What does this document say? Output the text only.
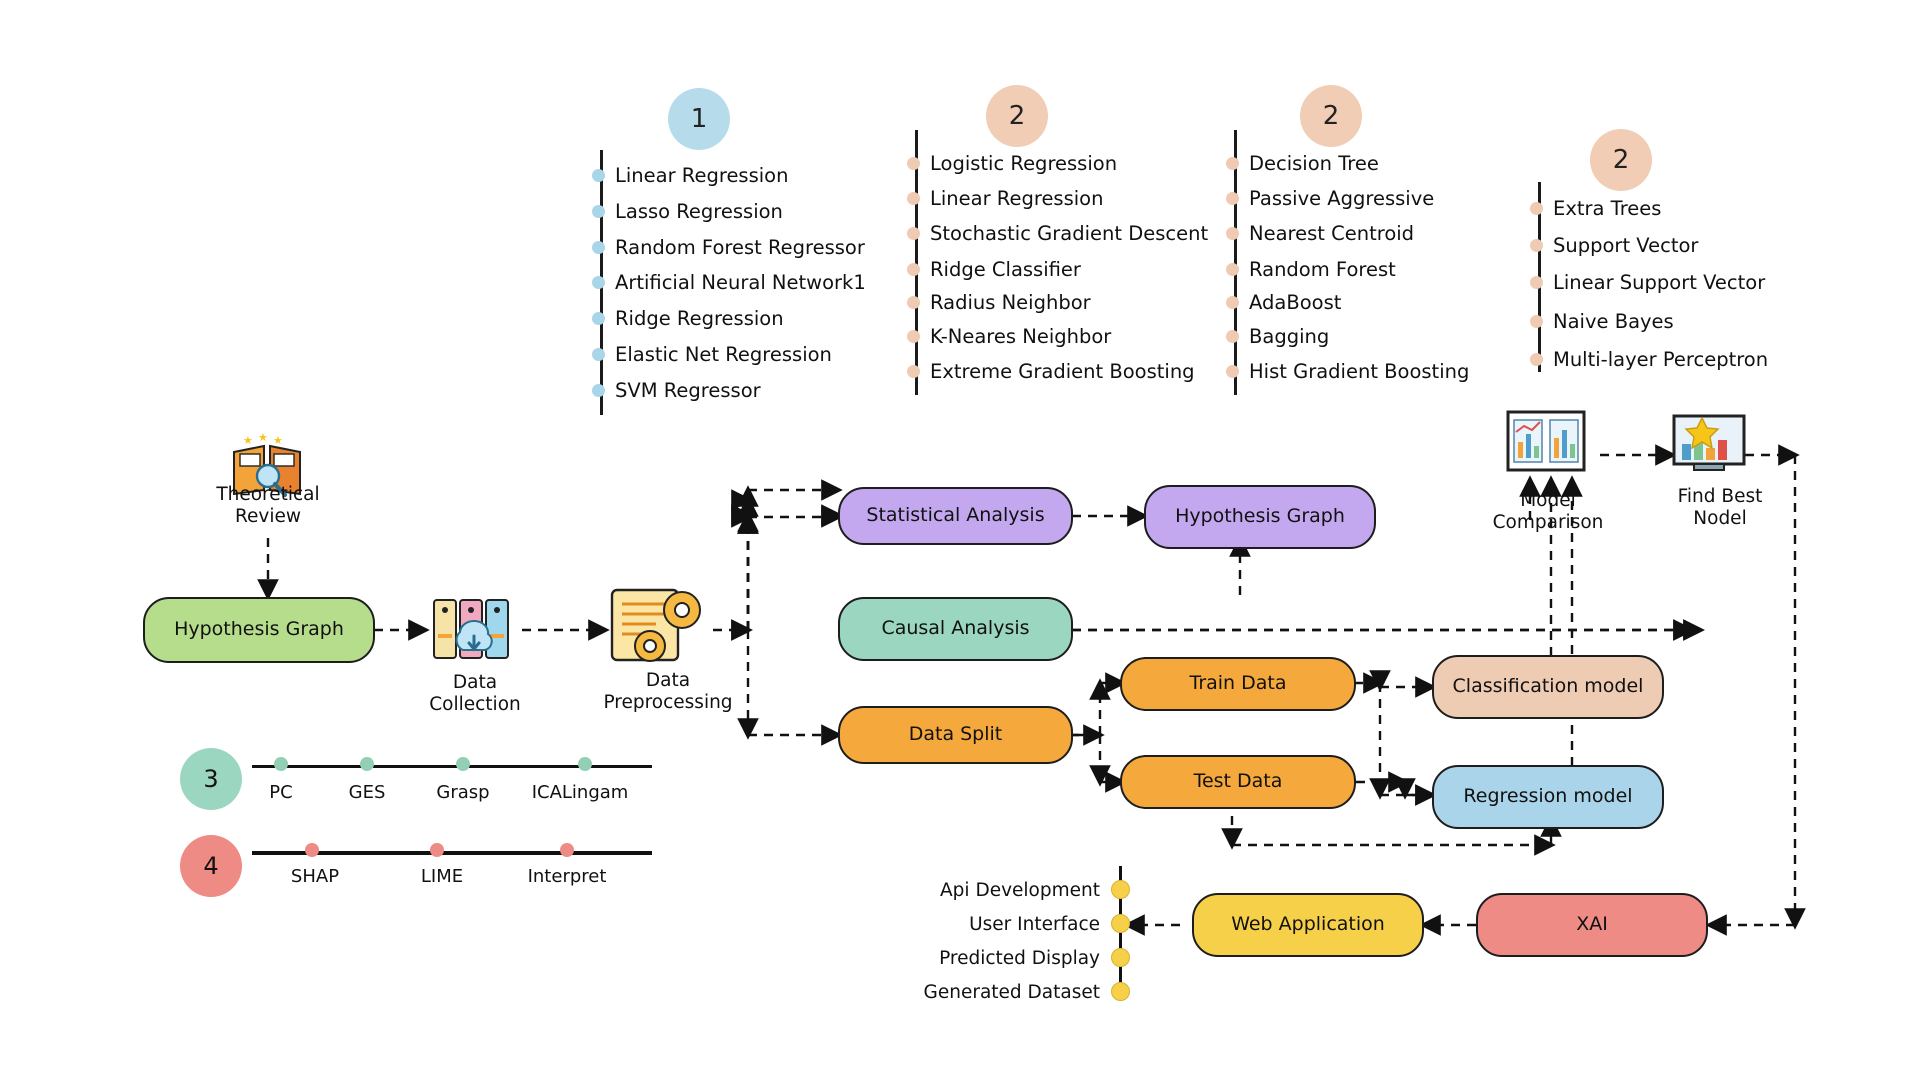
1
Linear Regression
Lasso Regression
Random Forest Regressor
Artificial Neural Network1
Ridge Regression
Elastic Net Regression
SVM Regressor
2
Logistic Regression
Linear Regression
Stochastic Gradient Descent
Ridge Classifier
Radius Neighbor
K-Neares Neighbor
Extreme Gradient Boosting
2
Decision Tree
Passive Aggressive
Nearest Centroid
Random Forest
AdaBoost
Bagging
Hist Gradient Boosting
2
Extra Trees
Support Vector
Linear Support Vector
Naive Bayes
Multi-layer Perceptron
★ ★ ★
Theoretical
Review
Data
Collection
Data
Preprocessing
Model
Comparison
Find Best
Nodel
Hypothesis Graph
Statistical Analysis	Hypothesis Graph
Causal Analysis
Data Split
Train Data
Test Data
Classification model
Regression model
XAI
Web Application
3	PC	GES	Grasp	ICALingam
4	SHAP	LIME	Interpret
Api Development
User Interface
Predicted Display
Generated Dataset
